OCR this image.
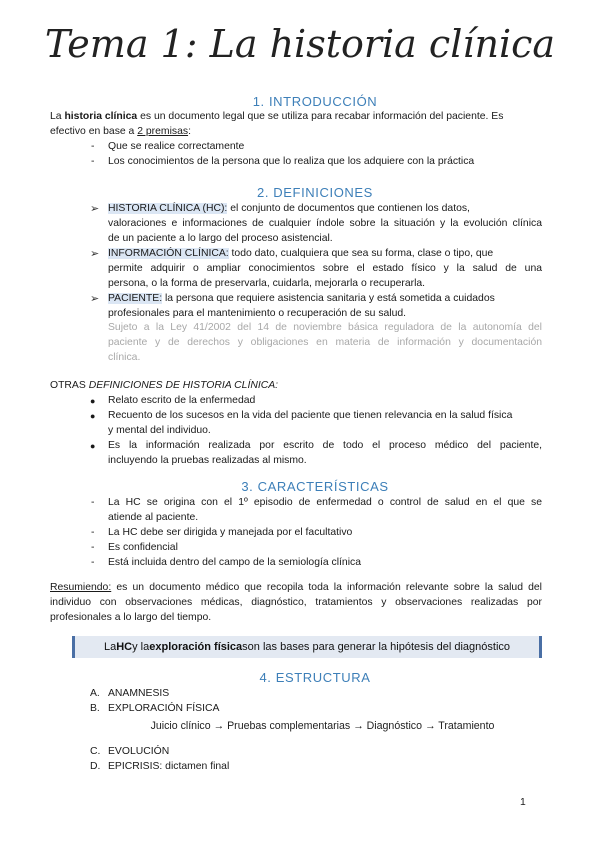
Tema 1: La historia clínica
1. INTRODUCCIÓN
La historia clínica es un documento legal que se utiliza para recabar información del paciente. Es
efectivo en base a 2 premisas:
- Que se realice correctamente
- Los conocimientos de la persona que lo realiza que los adquiere con la práctica
2. DEFINICIONES
➢ HISTORIA CLÍNICA (HC): el conjunto de documentos que contienen los datos,
valoraciones e informaciones de cualquier índole sobre la situación y la evolución clínica
de un paciente a lo largo del proceso asistencial.
➢ INFORMACIÓN CLÍNICA: todo dato, cualquiera que sea su forma, clase o tipo, que
permite adquirir o ampliar conocimientos sobre el estado físico y la salud de una
persona, o la forma de preservarla, cuidarla, mejorarla o recuperarla.
➢ PACIENTE: la persona que requiere asistencia sanitaria y está sometida a cuidados
profesionales para el mantenimiento o recuperación de su salud.
Sujeto a la Ley 41/2002 del 14 de noviembre básica reguladora de la autonomía del
paciente y de derechos y obligaciones en materia de información y documentación
clínica.
OTRAS DEFINICIONES DE HISTORIA CLÍNICA:
● Relato escrito de la enfermedad
● Recuento de los sucesos en la vida del paciente que tienen relevancia en la salud física
y mental del individuo.
● Es la información realizada por escrito de todo el proceso médico del paciente,
incluyendo la pruebas realizadas al mismo.
3. CARACTERÍSTICAS
- La HC se origina con el 1º episodio de enfermedad o control de salud en el que se
atiende al paciente.
- La HC debe ser dirigida y manejada por el facultativo
- Es confidencial
- Está incluida dentro del campo de la semiología clínica
Resumiendo: es un documento médico que recopila toda la información relevante sobre la salud del
individuo con observaciones médicas, diagnóstico, tratamientos y observaciones realizadas por
profesionales a lo largo del tiempo.
La HC y la exploración física son las bases para generar la hipótesis del diagnóstico
4. ESTRUCTURA
A. ANAMNESIS
B. EXPLORACIÓN FÍSICA
Juicio clínico → Pruebas complementarias → Diagnóstico → Tratamiento
C. EVOLUCIÓN
D. EPICRISIS: dictamen final
1
